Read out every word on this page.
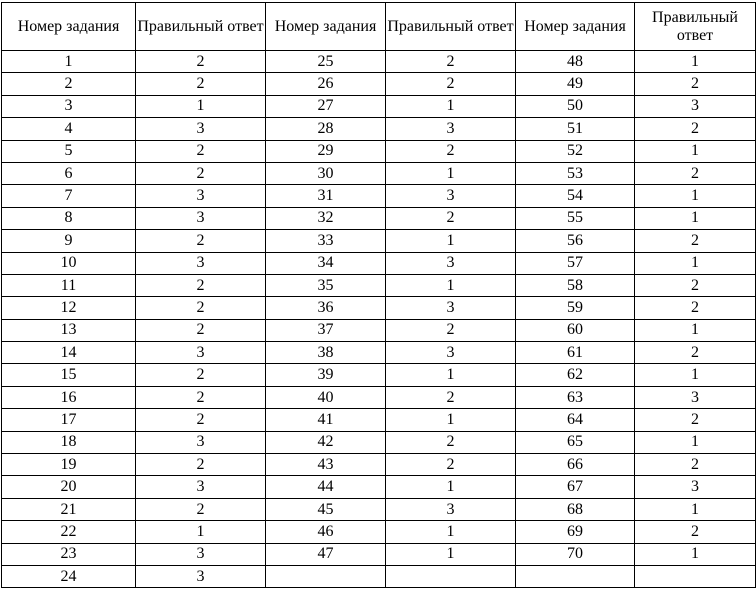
Номер задания	Правильный ответ	Номер задания	Правильный ответ	Номер задания	Правильный ответ
1	2	25	2	48	1
2	2	26	2	49	2
3	1	27	1	50	3
4	3	28	3	51	2
5	2	29	2	52	1
6	2	30	1	53	2
7	3	31	3	54	1
8	3	32	2	55	1
9	2	33	1	56	2
10	3	34	3	57	1
11	2	35	1	58	2
12	2	36	3	59	2
13	2	37	2	60	1
14	3	38	3	61	2
15	2	39	1	62	1
16	2	40	2	63	3
17	2	41	1	64	2
18	3	42	2	65	1
19	2	43	2	66	2
20	3	44	1	67	3
21	2	45	3	68	1
22	1	46	1	69	2
23	3	47	1	70	1
24	3				
